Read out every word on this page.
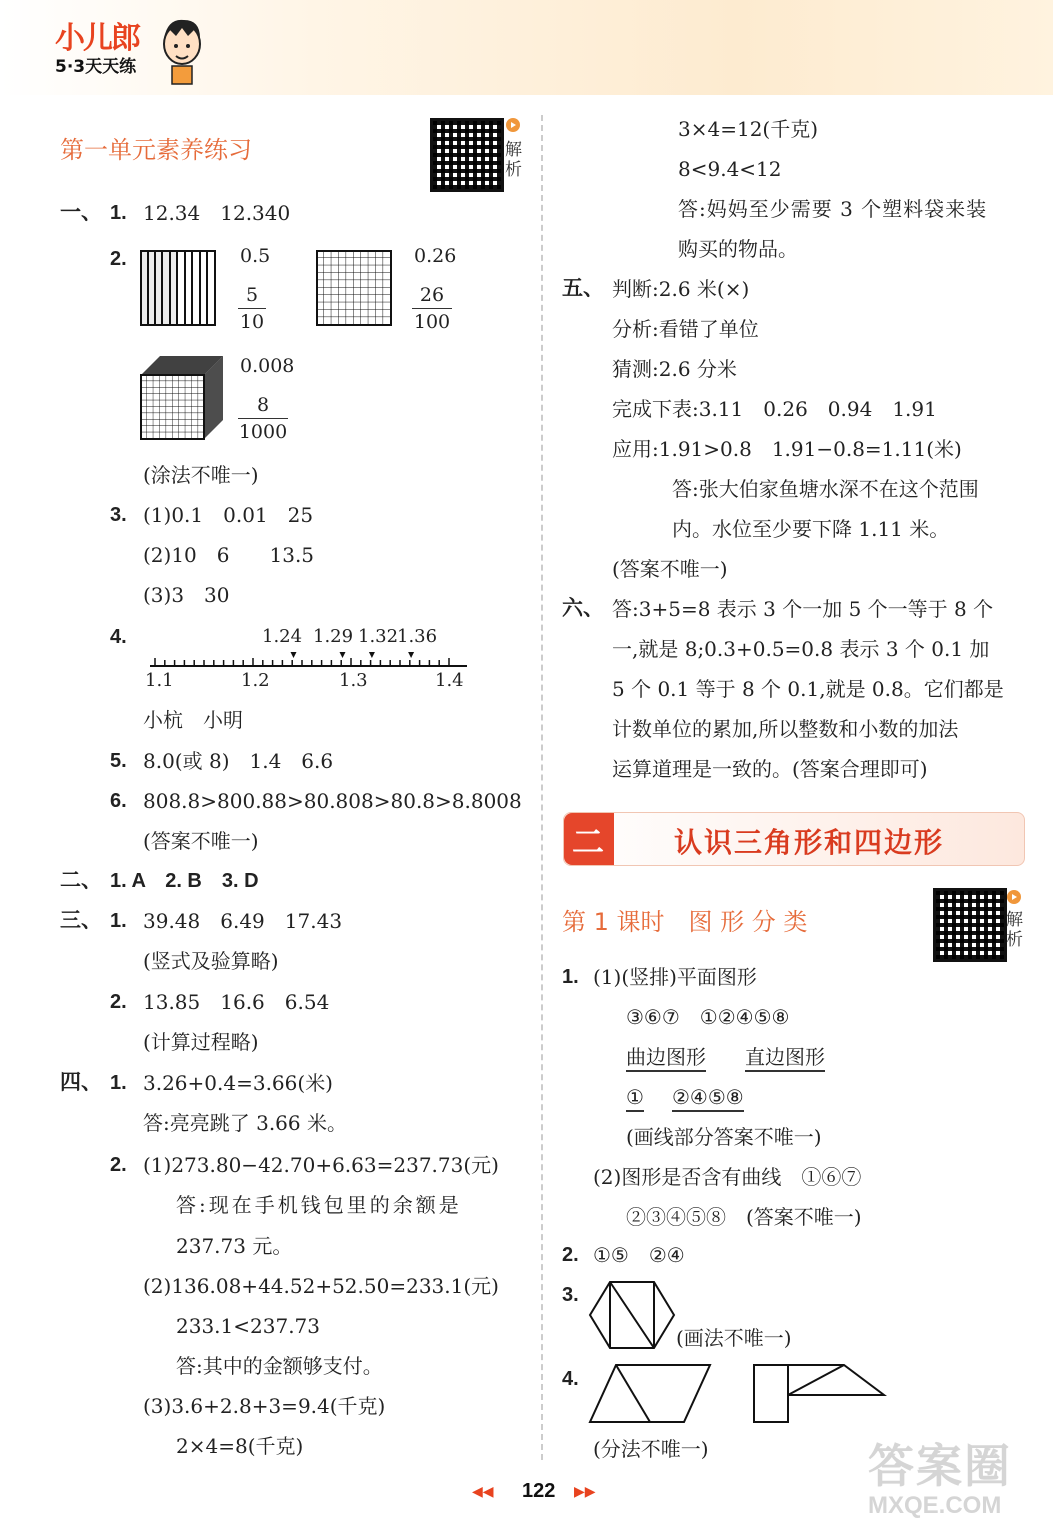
小儿郎
5·3天天练
第一单元素养练习	解析
一、 1. 12.34　12.340
2.	0.5
5
10
0.26
26
100
0.008
8
1000
(涂法不唯一)
3. (1)0.1　0.01　25
(2)10　6　　13.5
(3)3　30
4.	1.24 1.29 1.32
1.36
1.1	1.2	1.3	1.4
小杭　小明
5. 8.0(或 8)　1.4　6.6
6. 808.8>800.88>80.808>80.8>8.8008
(答案不唯一)
二、 1. A　2. B　3. D
三、 1. 39.48　6.49　17.43
(竖式及验算略)
2. 13.85　16.6　6.54
(计算过程略)
四、 1. 3.26+0.4=3.66(米)
答:亮亮跳了 3.66 米。
2. (1)273.80−42.70+6.63=237.73(元)
答:现在手机钱包里的余额是
237.73 元。
(2)136.08+44.52+52.50=233.1(元)
233.1<237.73
答:其中的金额够支付。
(3)3.6+2.8+3=9.4(千克)
2×4=8(千克)
3×4=12(千克)
8<9.4<12
答:妈妈至少需要 3 个塑料袋来装
购买的物品。
五、 判断:2.6 米(×)
分析:看错了单位
猜测:2.6 分米
完成下表:3.11　0.26　0.94　1.91
应用:1.91>0.8　1.91−0.8=1.11(米)
答:张大伯家鱼塘水深不在这个范围
内。水位至少要下降 1.11 米。
(答案不唯一)
六、 答:3+5=8 表示 3 个一加 5 个一等于 8 个
一,就是 8;0.3+0.5=0.8 表示 3 个 0.1 加
5 个 0.1 等于 8 个 0.1,就是 0.8。它们都是
计数单位的累加,所以整数和小数的加法
运算道理是一致的。(答案合理即可)
二 认识三角形和四边形
第 1 课时　图 形 分 类	解析
1. (1)(竖排)平面图形
③⑥⑦　①②④⑤⑧
曲边图形 直边图形
① ②④⑤⑧
(画线部分答案不唯一)
(2)图形是否含有曲线　①⑥⑦
②③④⑤⑧　(答案不唯一)
2. ①⑤　②④
3.
(画法不唯一)
4.
(分法不唯一)
◀◀ 122 ▶▶	答案圈
MXQE.COM
